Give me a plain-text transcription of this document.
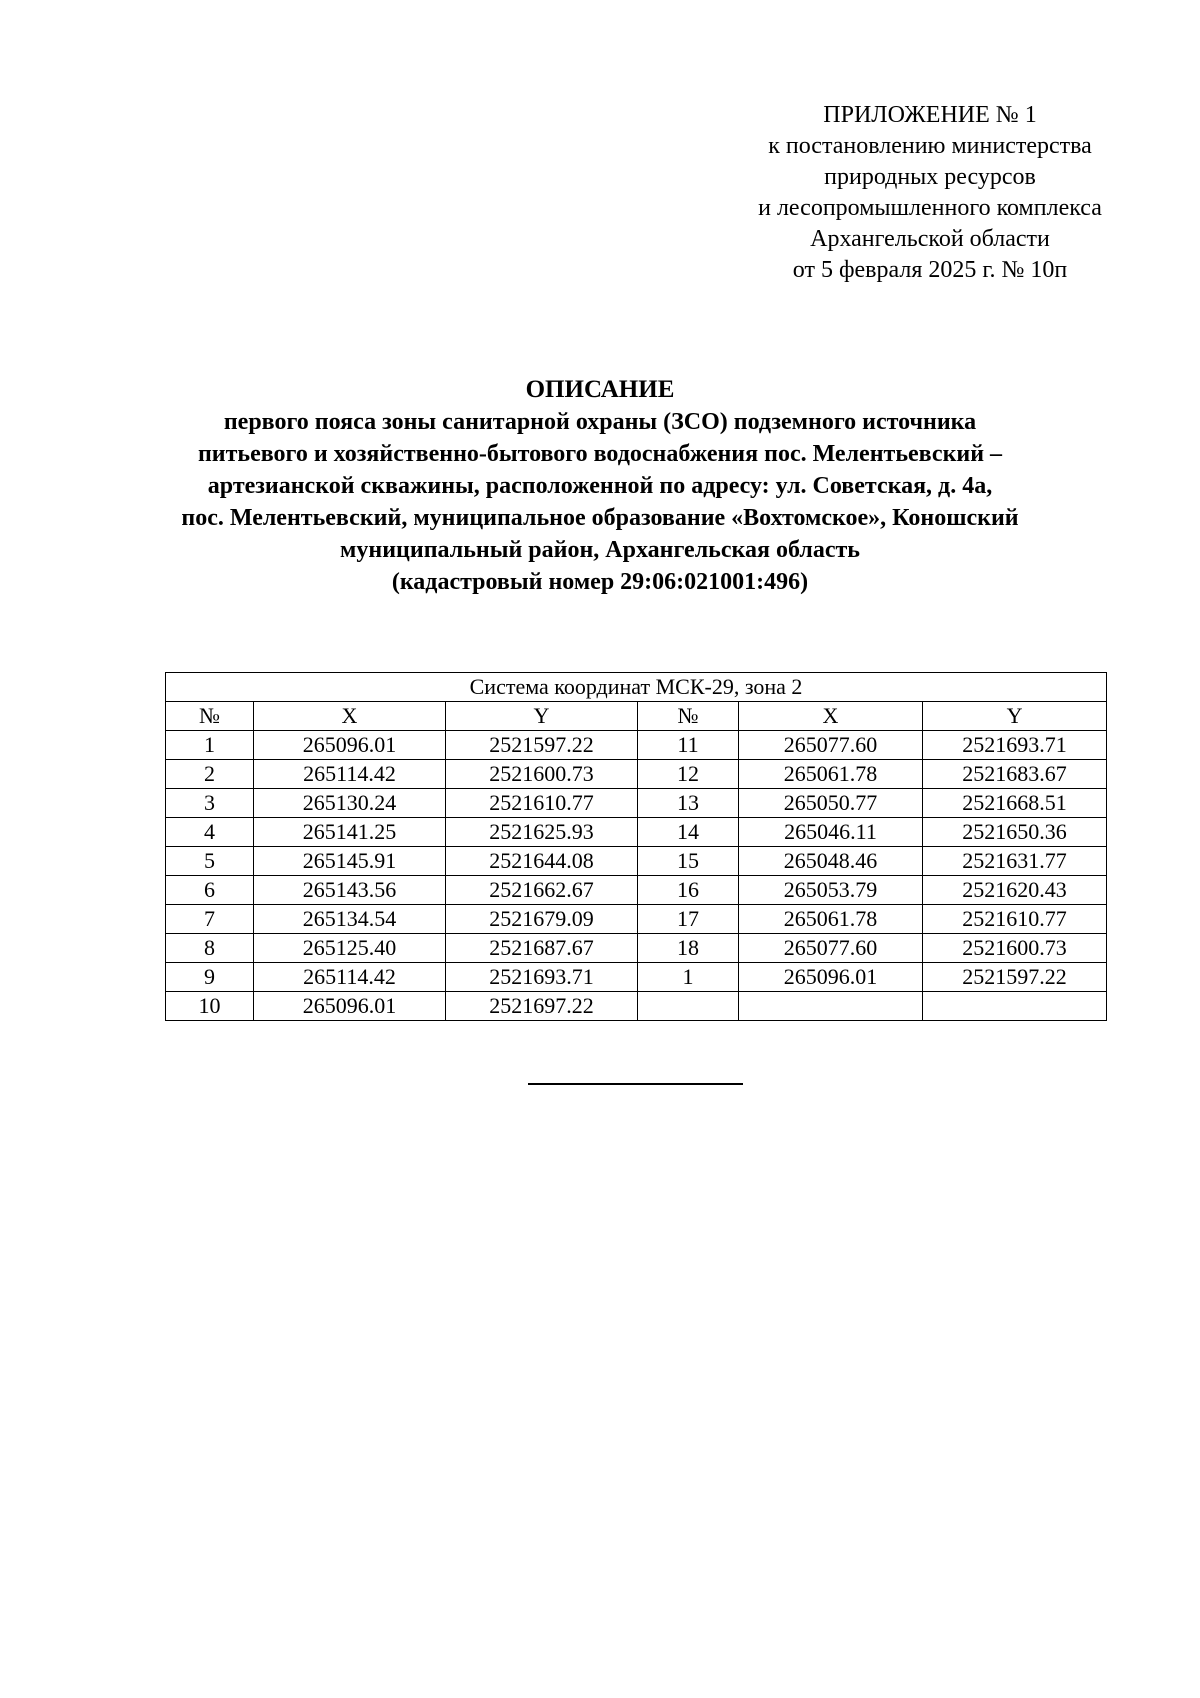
ПРИЛОЖЕНИЕ № 1
к постановлению министерства
природных ресурсов
и лесопромышленного комплекса
Архангельской области
от 5 февраля 2025 г. № 10п
ОПИСАНИЕ
первого пояса зоны санитарной охраны (ЗСО) подземного источника
питьевого и хозяйственно-бытового водоснабжения пос. Мелентьевский –
артезианской скважины, расположенной по адресу: ул. Советская, д. 4а,
пос. Мелентьевский, муниципальное образование «Вохтомское», Коношский
муниципальный район, Архангельская область
(кадастровый номер 29:06:021001:496)
Система координат МСК-29, зона 2					
№	X	Y	№	X	Y
1	265096.01	2521597.22	11	265077.60	2521693.71
2	265114.42	2521600.73	12	265061.78	2521683.67
3	265130.24	2521610.77	13	265050.77	2521668.51
4	265141.25	2521625.93	14	265046.11	2521650.36
5	265145.91	2521644.08	15	265048.46	2521631.77
6	265143.56	2521662.67	16	265053.79	2521620.43
7	265134.54	2521679.09	17	265061.78	2521610.77
8	265125.40	2521687.67	18	265077.60	2521600.73
9	265114.42	2521693.71	1	265096.01	2521597.22
10	265096.01	2521697.22			
